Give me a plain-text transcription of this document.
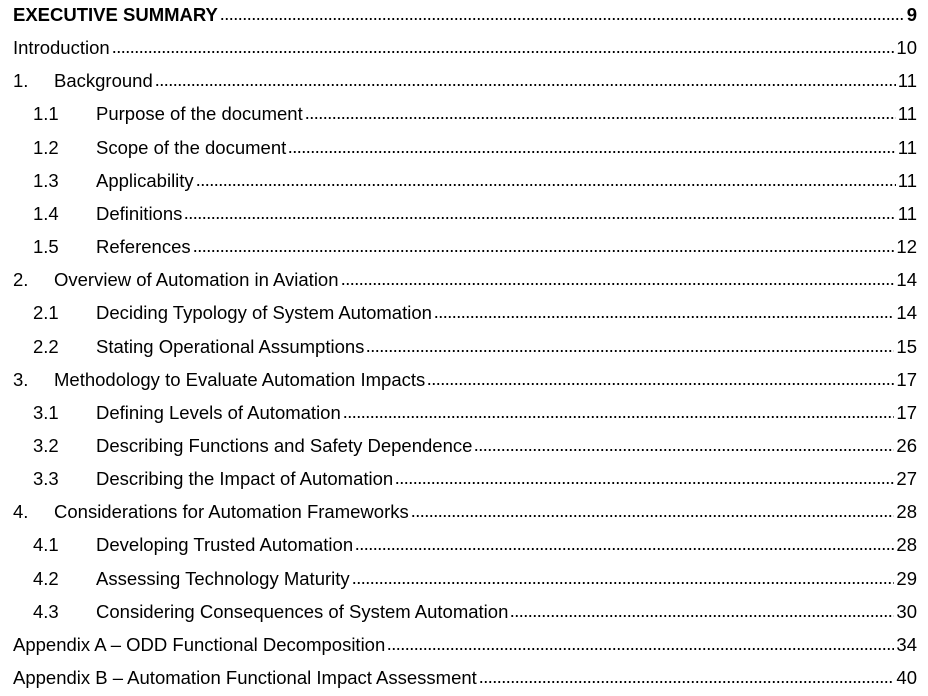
EXECUTIVE SUMMARY	9
Introduction	10
1.	Background	11
1.1	Purpose of the document	11
1.2	Scope of the document	11
1.3	Applicability	11
1.4	Definitions	11
1.5	References	12
2.	Overview of Automation in Aviation	14
2.1	Deciding Typology of System Automation	14
2.2	Stating Operational Assumptions	15
3.	Methodology to Evaluate Automation Impacts	17
3.1	Defining Levels of Automation	17
3.2	Describing Functions and Safety Dependence	26
3.3	Describing the Impact of Automation	27
4.	Considerations for Automation Frameworks	28
4.1	Developing Trusted Automation	28
4.2	Assessing Technology Maturity	29
4.3	Considering Consequences of System Automation	30
Appendix A – ODD Functional Decomposition	34
Appendix B – Automation Functional Impact Assessment	40
